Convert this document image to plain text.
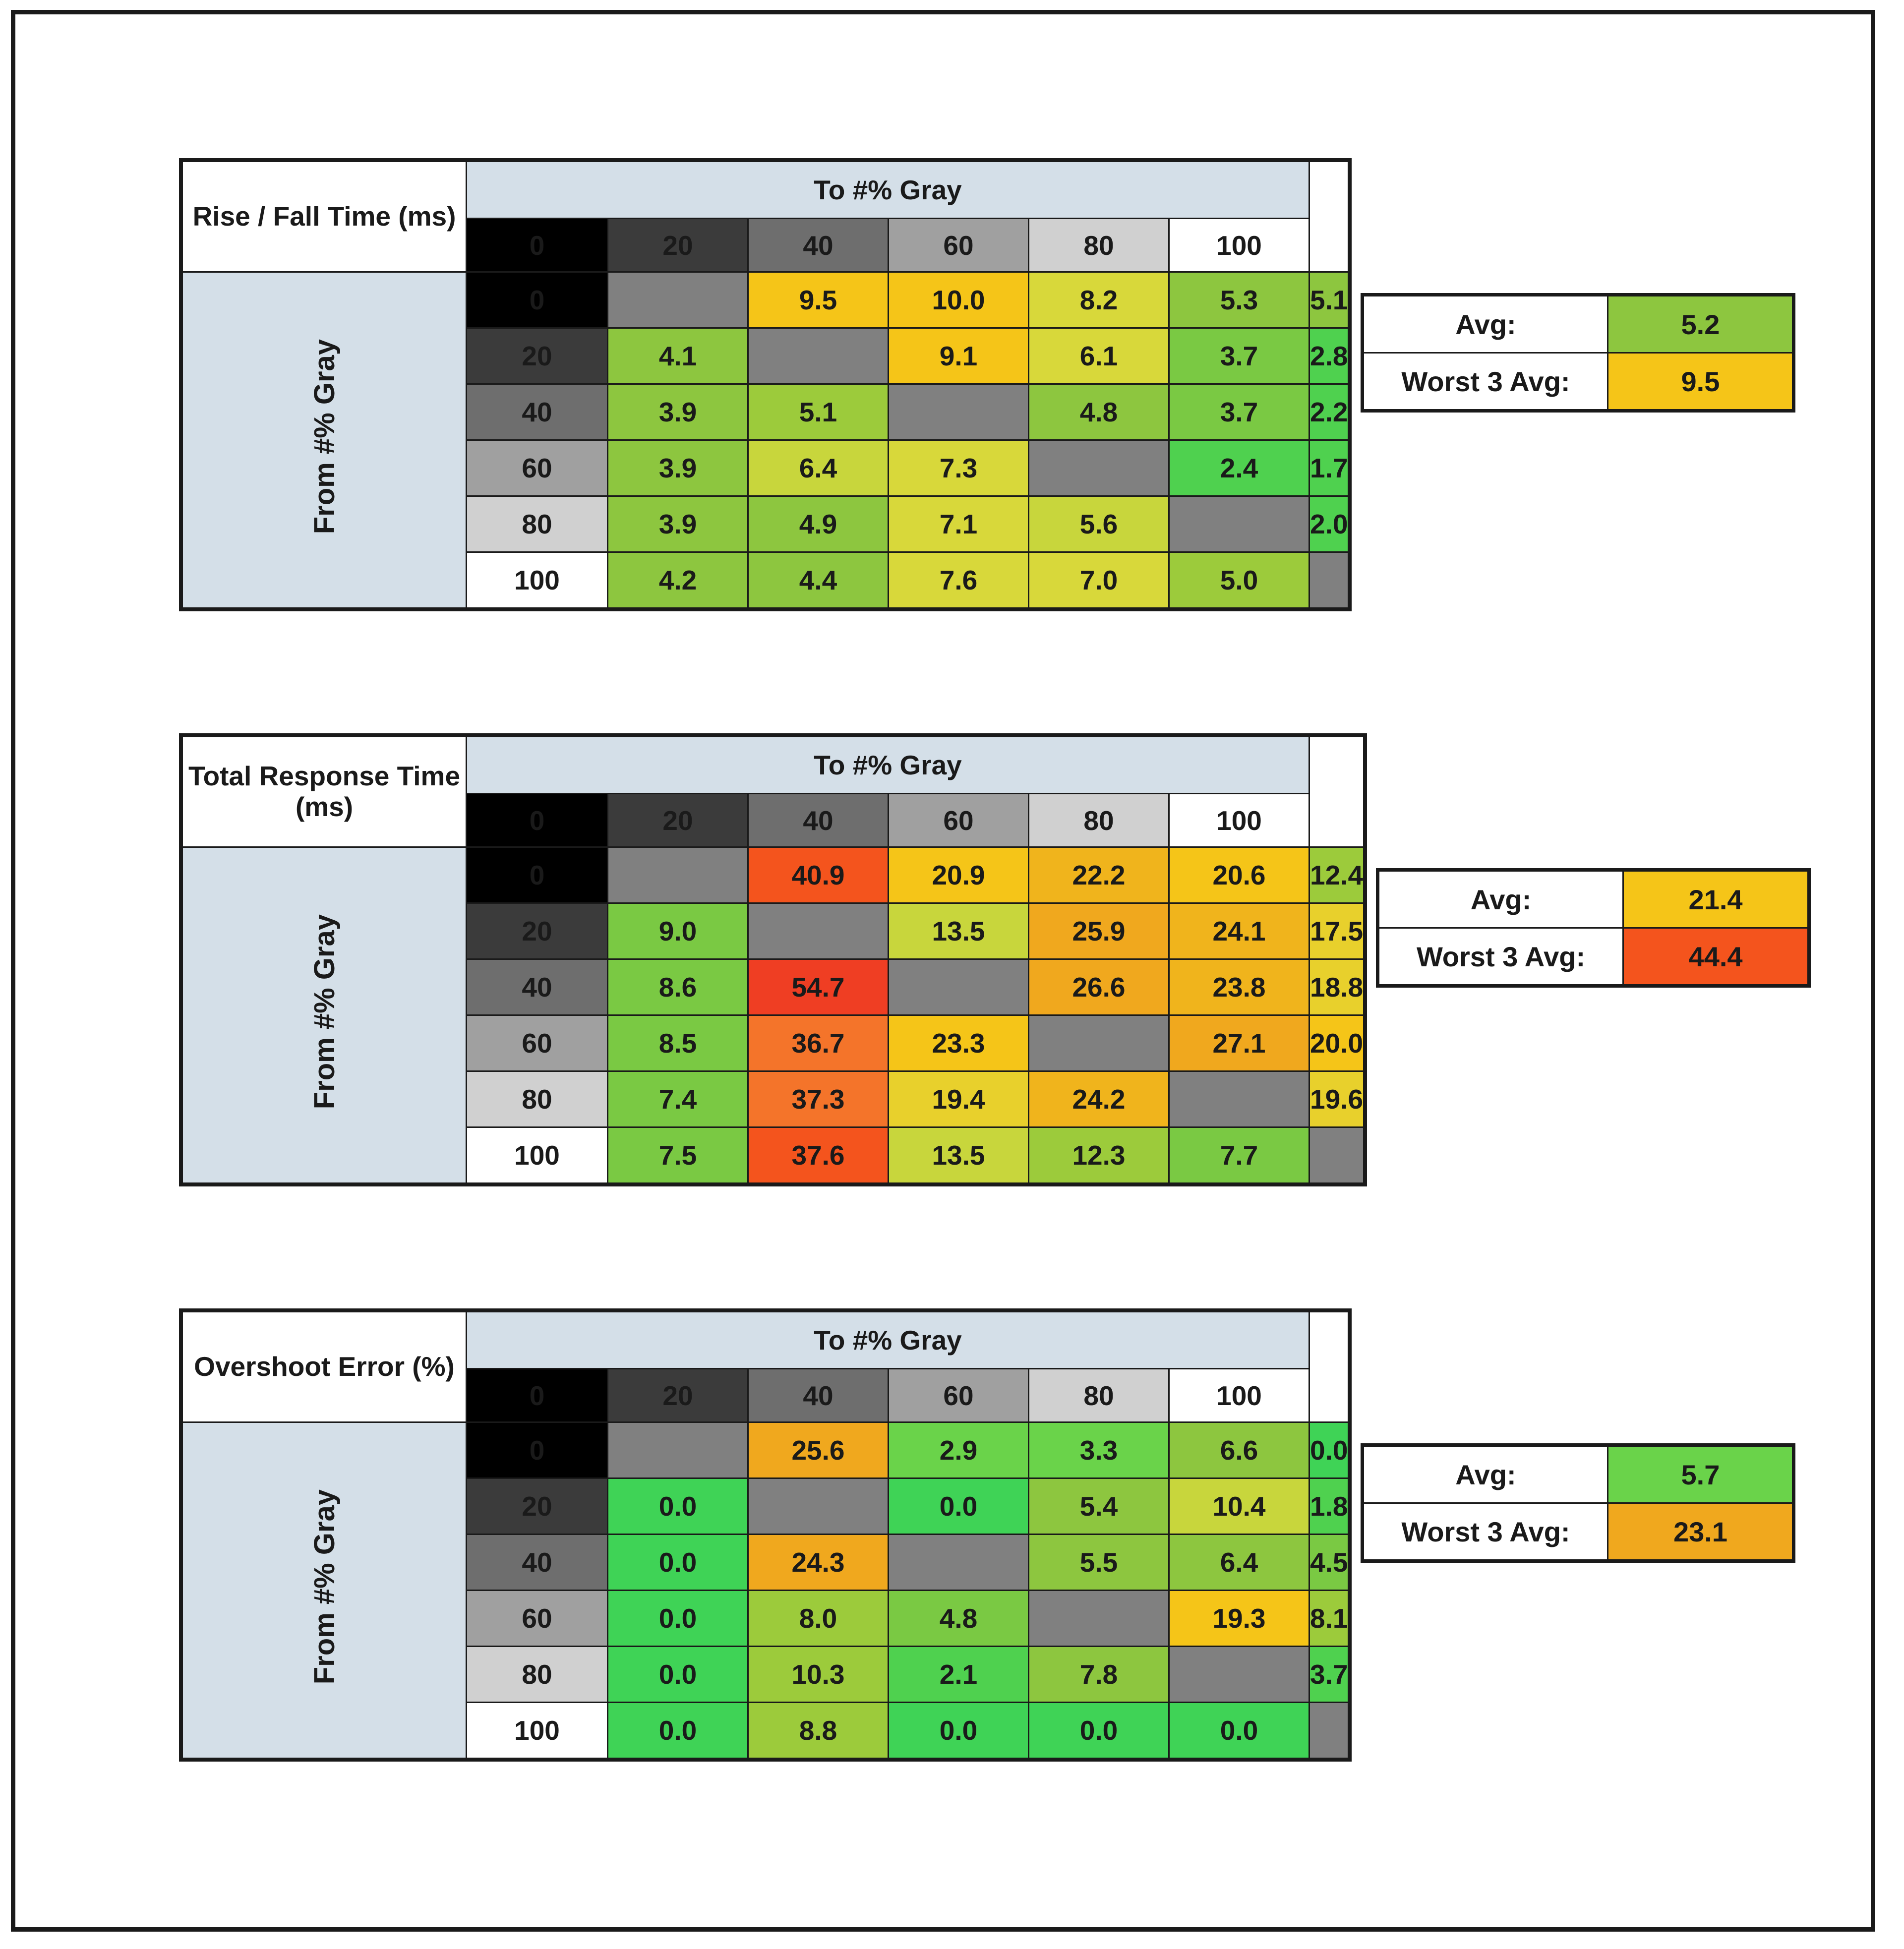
Rise / Fall Time (ms)	To #% Gray						
	0	20	40	60	80	100	
From #% Gray	0		9.5	10.0	8.2	5.3	5.1
	20	4.1		9.1	6.1	3.7	2.8
	40	3.9	5.1		4.8	3.7	2.2
	60	3.9	6.4	7.3		2.4	1.7
	80	3.9	4.9	7.1	5.6		2.0
	100	4.2	4.4	7.6	7.0	5.0	
Avg:	5.2
Worst 3 Avg:	9.5
Total Response Time (ms)	To #% Gray						
	0	20	40	60	80	100	
From #% Gray	0		40.9	20.9	22.2	20.6	12.4
	20	9.0		13.5	25.9	24.1	17.5
	40	8.6	54.7		26.6	23.8	18.8
	60	8.5	36.7	23.3		27.1	20.0
	80	7.4	37.3	19.4	24.2		19.6
	100	7.5	37.6	13.5	12.3	7.7	
Avg:	21.4
Worst 3 Avg:	44.4
Overshoot Error (%)	To #% Gray						
	0	20	40	60	80	100	
From #% Gray	0		25.6	2.9	3.3	6.6	0.0
	20	0.0		0.0	5.4	10.4	1.8
	40	0.0	24.3		5.5	6.4	4.5
	60	0.0	8.0	4.8		19.3	8.1
	80	0.0	10.3	2.1	7.8		3.7
	100	0.0	8.8	0.0	0.0	0.0	
Avg:	5.7
Worst 3 Avg:	23.1
